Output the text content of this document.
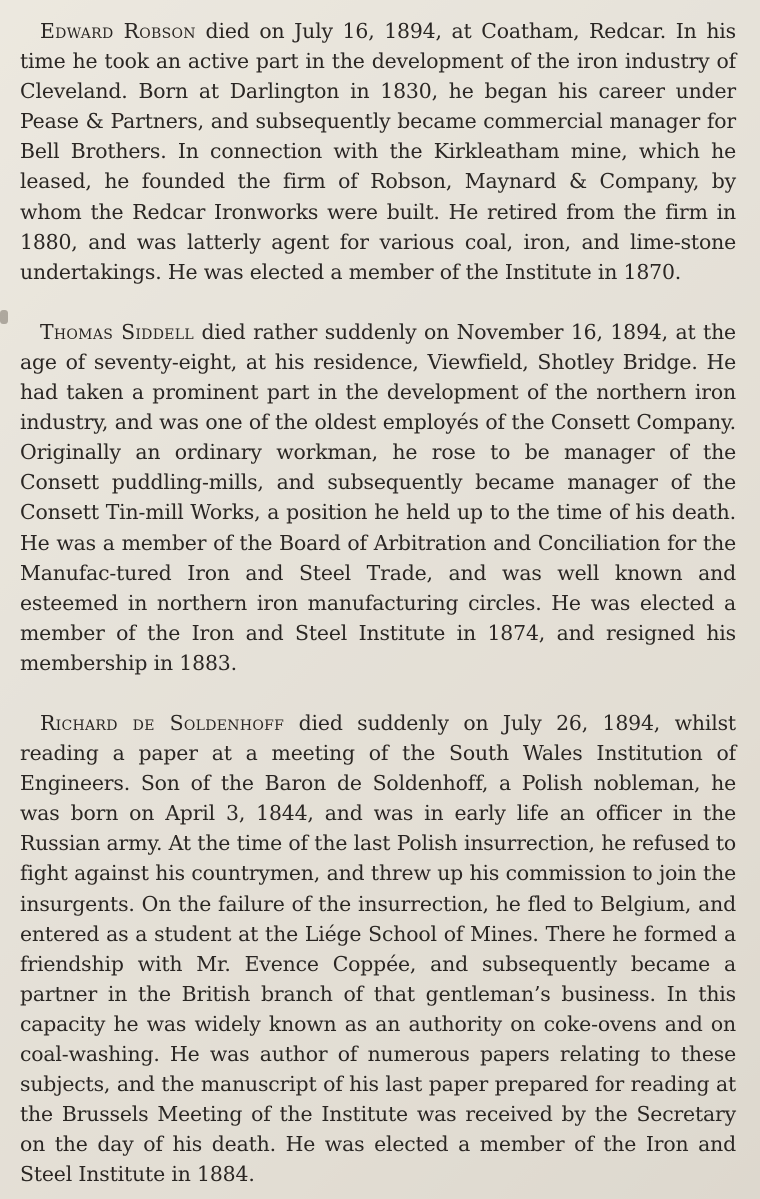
Edward Robson died on July 16, 1894, at Coatham, Redcar. In his time he took an active part in the development of the iron industry of Cleveland. Born at Darlington in 1830, he began his career under Pease & Partners, and subsequently became commercial manager for Bell Brothers. In connection with the Kirkleatham mine, which he leased, he founded the firm of Robson, Maynard & Company, by whom the Redcar Ironworks were built. He retired from the firm in 1880, and was latterly agent for various coal, iron, and lime-stone undertakings. He was elected a member of the Institute in 1870.

Thomas Siddell died rather suddenly on November 16, 1894, at the age of seventy-eight, at his residence, Viewfield, Shotley Bridge. He had taken a prominent part in the development of the northern iron industry, and was one of the oldest employés of the Consett Company. Originally an ordinary workman, he rose to be manager of the Consett puddling-mills, and subsequently became manager of the Consett Tin-mill Works, a position he held up to the time of his death. He was a member of the Board of Arbitration and Conciliation for the Manufac-tured Iron and Steel Trade, and was well known and esteemed in northern iron manufacturing circles. He was elected a member of the Iron and Steel Institute in 1874, and resigned his membership in 1883.

Richard de Soldenhoff died suddenly on July 26, 1894, whilst reading a paper at a meeting of the South Wales Institution of Engineers. Son of the Baron de Soldenhoff, a Polish nobleman, he was born on April 3, 1844, and was in early life an officer in the Russian army. At the time of the last Polish insurrection, he refused to fight against his countrymen, and threw up his commission to join the insurgents. On the failure of the insurrection, he fled to Belgium, and entered as a student at the Liége School of Mines. There he formed a friendship with Mr. Evence Coppée, and subsequently became a partner in the British branch of that gentleman’s business. In this capacity he was widely known as an authority on coke-ovens and on coal-washing. He was author of numerous papers relating to these subjects, and the manuscript of his last paper prepared for reading at the Brussels Meeting of the Institute was received by the Secretary on the day of his death. He was elected a member of the Iron and Steel Institute in 1884.
